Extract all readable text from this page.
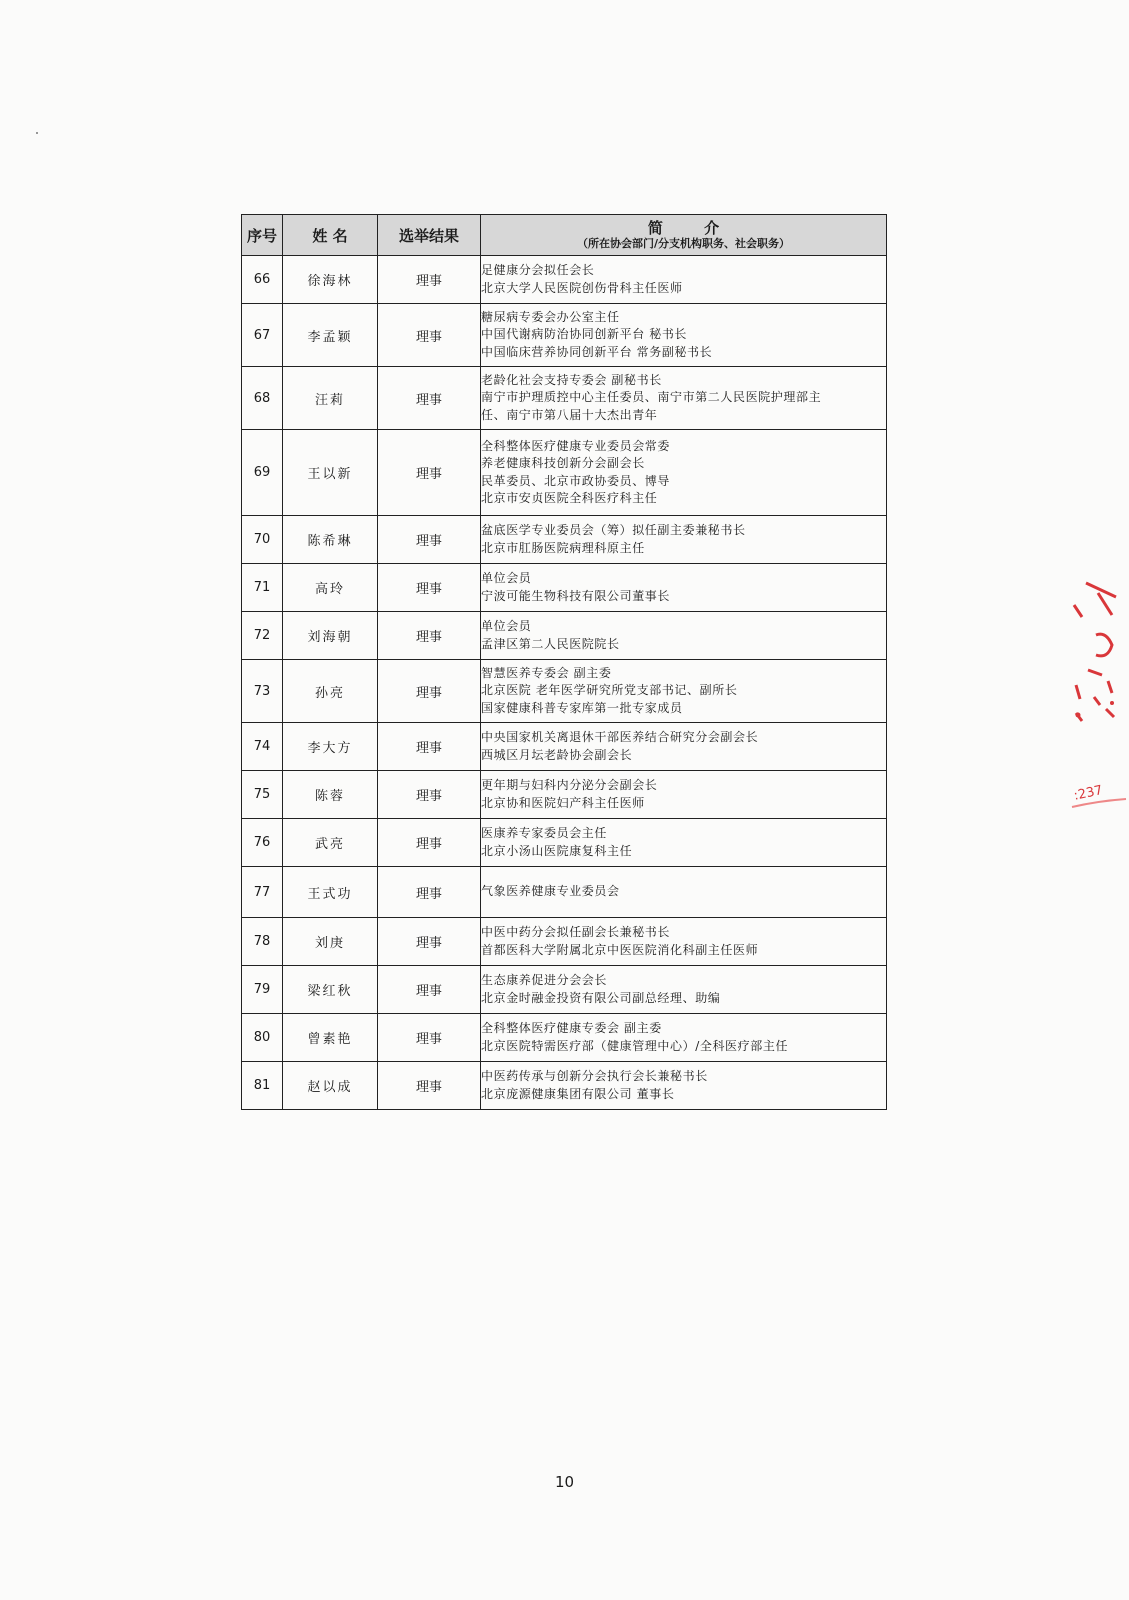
序号	姓 名	选举结果	简 介
（所在协会部门/分支机构职务、社会职务）

66	徐海林	理事	足健康分会拟任会长
北京大学人民医院创伤骨科主任医师

67	李孟颖	理事	糖尿病专委会办公室主任
中国代谢病防治协同创新平台 秘书长
中国临床营养协同创新平台 常务副秘书长

68	汪莉	理事	老龄化社会支持专委会 副秘书长
南宁市护理质控中心主任委员、南宁市第二人民医院护理部主
任、南宁市第八届十大杰出青年

69	王以新	理事	全科整体医疗健康专业委员会常委
养老健康科技创新分会副会长
民革委员、北京市政协委员、博导
北京市安贞医院全科医疗科主任

70	陈希琳	理事	盆底医学专业委员会（筹）拟任副主委兼秘书长
北京市肛肠医院病理科原主任

71	高玲	理事	单位会员
宁波可能生物科技有限公司董事长

72	刘海朝	理事	单位会员
孟津区第二人民医院院长

73	孙亮	理事	智慧医养专委会 副主委
北京医院 老年医学研究所党支部书记、副所长
国家健康科普专家库第一批专家成员

74	李大方	理事	中央国家机关离退休干部医养结合研究分会副会长
西城区月坛老龄协会副会长

75	陈蓉	理事	更年期与妇科内分泌分会副会长
北京协和医院妇产科主任医师

76	武亮	理事	医康养专家委员会主任
北京小汤山医院康复科主任

77	王式功	理事	气象医养健康专业委员会

78	刘庚	理事	中医中药分会拟任副会长兼秘书长
首都医科大学附属北京中医医院消化科副主任医师

79	梁红秋	理事	生态康养促进分会会长
北京金时融金投资有限公司副总经理、助编

80	曾素艳	理事	全科整体医疗健康专委会 副主委
北京医院特需医疗部（健康管理中心）/全科医疗部主任

81	赵以成	理事	中医药传承与创新分会执行会长兼秘书长
北京庞源健康集团有限公司 董事长
:237
10
